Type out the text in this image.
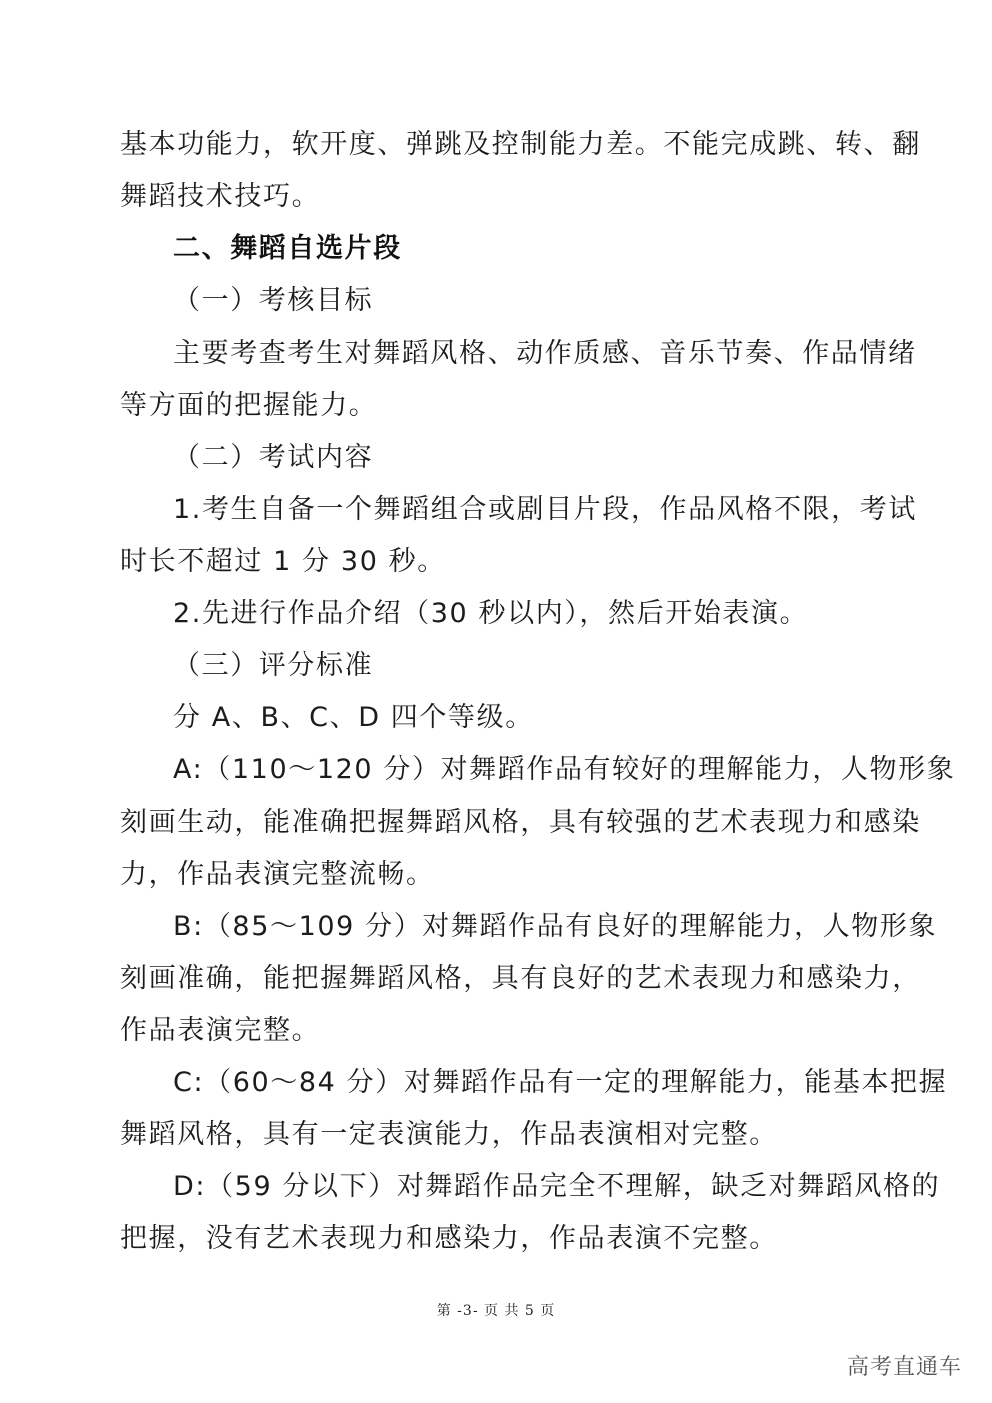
基本功能力，软开度、弹跳及控制能力差。不能完成跳、转、翻
舞蹈技术技巧。
二、舞蹈自选片段
（一）考核目标
主要考查考生对舞蹈风格、动作质感、音乐节奏、作品情绪
等方面的把握能力。
（二）考试内容
1.考生自备一个舞蹈组合或剧目片段，作品风格不限，考试
时长不超过 1 分 30 秒。
2.先进行作品介绍（30 秒以内），然后开始表演。
（三）评分标准
分 A、B、C、D 四个等级。
A:（110～120 分）对舞蹈作品有较好的理解能力，人物形象
刻画生动，能准确把握舞蹈风格，具有较强的艺术表现力和感染
力，作品表演完整流畅。
B:（85～109 分）对舞蹈作品有良好的理解能力，人物形象
刻画准确，能把握舞蹈风格，具有良好的艺术表现力和感染力，
作品表演完整。
C:（60～84 分）对舞蹈作品有一定的理解能力，能基本把握
舞蹈风格，具有一定表演能力，作品表演相对完整。
D:（59 分以下）对舞蹈作品完全不理解，缺乏对舞蹈风格的
把握，没有艺术表现力和感染力，作品表演不完整。
第 -3- 页 共 5 页
高考直通车
